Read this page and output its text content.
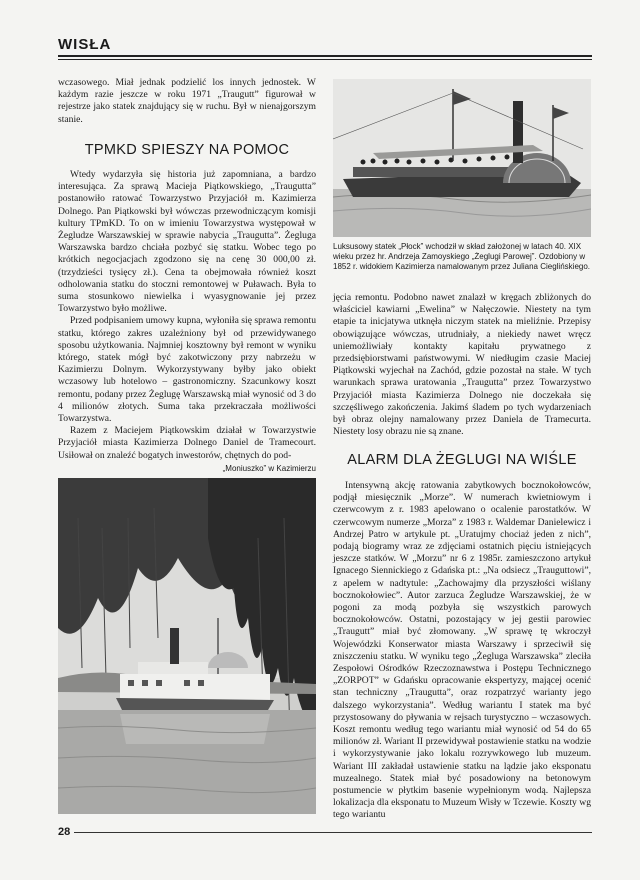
WISŁA

wczasowego. Miał jednak podzielić los innych jednostek. W każdym razie jeszcze w roku 1971 „Traugutt” figurował w rejestrze jako statek znajdujący się w ruchu. Był w nienajgorszym stanie.

TPMKD SPIESZY NA POMOC

Wtedy wydarzyła się historia już zapomniana, a bardzo interesująca. Za sprawą Macieja Piątkowskiego, „Traugutta” postanowiło ratować Towarzystwo Przyjaciół m. Kazimierza Dolnego. Pan Piątkowski był wówczas przewodniczącym komisji kultury TPmKD. To on w imieniu Towarzystwa występował w Żegludze Warszawskiej w sprawie nabycia „Traugutta”. Żegluga Warszawska bardzo chciała pozbyć się statku. Wobec tego po krótkich negocjacjach zgodzono się na cenę 30 000,00 zł. (trzydzieści tysięcy zł.). Cena ta obejmowała również koszt odholowania statku do stoczni remontowej w Puławach. Była to suma stosunkowo niewielka i wyasygnowanie jej przez Towarzystwo było możliwe.

Przed podpisaniem umowy kupna, wyłoniła się sprawa remontu statku, którego zakres uzależniony był od przewidywanego sposobu użytkowania. Najmniej kosztowny był remont w wyniku którego, statek mógł być zakotwiczony przy nabrzeżu w Kazimierzu Dolnym. Wykorzystywany byłby jako obiekt wczasowy lub hotelowo – gastronomiczny. Szacunkowy koszt remontu, podany przez Żeglugę Warszawską miał wynosić od 3 do 4 milionów złotych. Suma taka przekraczała możliwości Towarzystwa.

Razem z Maciejem Piątkowskim działał w Towarzystwie Przyjaciół miasta Kazimierza Dolnego Daniel de Tramecourt. Usiłował on znaleźć bogatych inwestorów, chętnych do pod-

Luksusowy statek „Płock” wchodził w skład założonej w latach 40. XIX wieku przez hr. Andrzeja Zamoyskiego „Żeglugi Parowej”. Ozdobiony w 1852 r. widokiem Kazimierza namalowanym przez Juliana Cieglińskiego.

jęcia remontu. Podobno nawet znalazł w kręgach zbliżonych do właściciel kawiarni „Ewelina” w Nałęczowie. Niestety na tym etapie ta inicjatywa utknęła niczym statek na mieliźnie. Przepisy obowiązujące wówczas, utrudniały, a niekiedy nawet wręcz uniemożliwiały kontakty kapitału prywatnego z przedsiębiorstwami państwowymi. W niedługim czasie Maciej Piątkowski wyjechał na Zachód, gdzie pozostał na stałe. W tych warunkach sprawa uratowania „Traugutta” przez Towarzystwo Przyjaciół miasta Kazimierza Dolnego nie doczekała się szczęśliwego zakończenia. Jakimś śladem po tych wydarzeniach był obraz olejny namalowany przez Daniela de Tramecurta. Niestety losy obrazu nie są znane.

„Moniuszko” w Kazimierzu
ALARM DLA ŻEGLUGI NA WIŚLE

Intensywną akcję ratowania zabytkowych bocznokołowców, podjął miesięcznik „Morze”. W numerach kwietniowym i czerwcowym z r. 1983 apelowano o ocalenie parostatków. W czerwcowym numerze „Morza” z 1983 r. Waldemar Danielewicz i Andrzej Patro w artykule pt. „Uratujmy chociaż jeden z nich”, podają biogramy wraz ze zdjęciami ostatnich pięciu istniejących jeszcze statków. W „Morzu” nr 6 z 1985r. zamieszczono artykuł Ignacego Siennickiego z Gdańska pt.: „Na odsiecz „Trauguttowi”, z apelem w nadtytule: „Zachowajmy dla przyszłości wiślany bocznokołowiec”. Autor zarzuca Żegludze Warszawskiej, że w pogoni za modą pozbyła się wszystkich parowych bocznokołowców. Ostatni, pozostający w jej gestii parowiec „Traugutt” miał być złomowany. „W sprawę tę wkroczył Wojewódzki Konserwator miasta Warszawy i sprzeciwił się zniszczeniu statku. W wyniku tego „Żegluga Warszawska” zleciła Zespołowi Ośrodków Rzeczoznawstwa i Postępu Technicznego „ZORPOT” w Gdańsku opracowanie ekspertyzy, mającej ocenić stan techniczny „Traugutta”, oraz rozpatrzyć warianty jego dalszego wykorzystania”. Według wariantu I statek ma być przystosowany do pływania w rejsach turystyczno – wczasowych. Koszt remontu według tego wariantu miał wynosić od 54 do 65 milionów zł. Wariant II przewidywał postawienie statku na wodzie i wykorzystywanie jako lokalu rozrywkowego lub muzeum. Wariant III zakładał ustawienie statku na lądzie jako eksponatu muzealnego. Statek miał być posadowiony na betonowym postumencie w płytkim basenie wypełnionym wodą. Najlepsza lokalizacja dla eksponatu to Muzeum Wisły w Tczewie. Koszty wg tego wariantu

28
